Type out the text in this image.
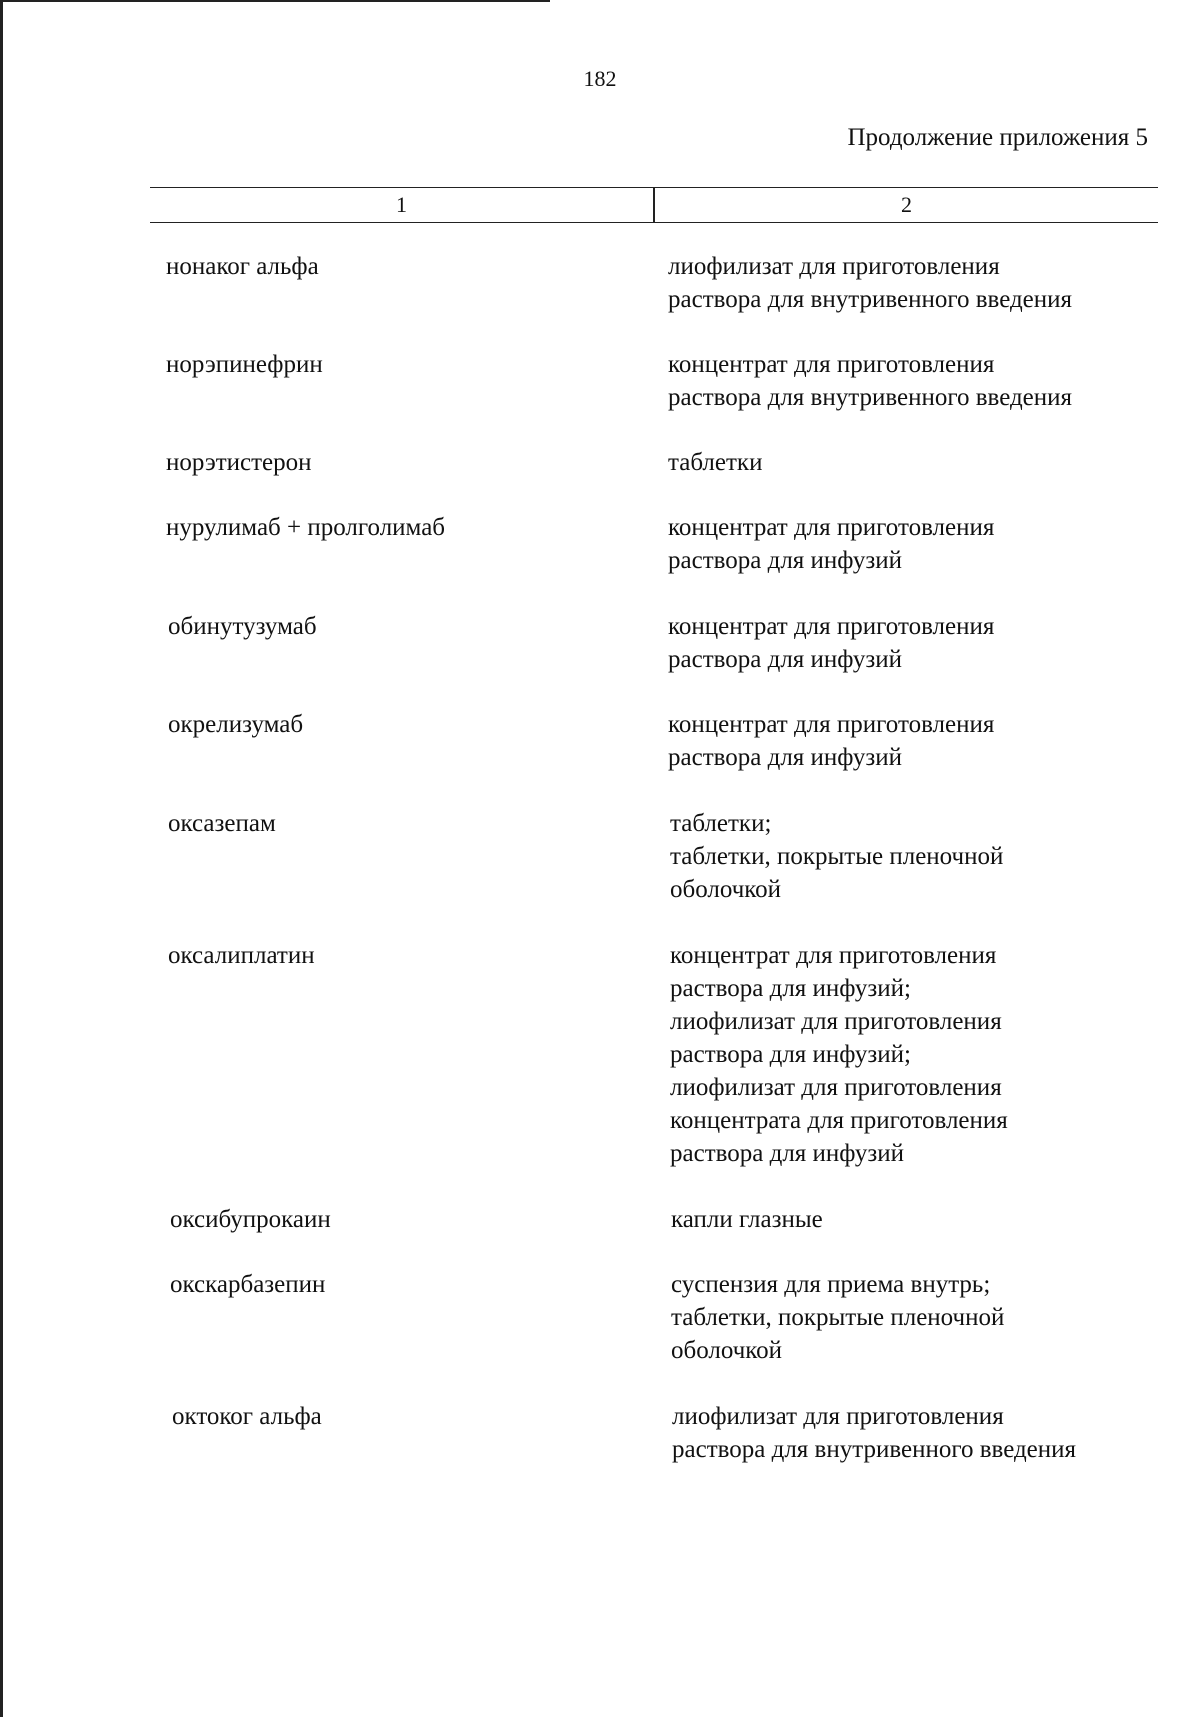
182
Продолжение приложения 5
1	2
нонаког альфа	лиофилизат для приготовления
раствора для внутривенного введения
норэпинефрин	концентрат для приготовления
раствора для внутривенного введения
норэтистерон	таблетки
нурулимаб + пролголимаб	концентрат для приготовления
раствора для инфузий
обинутузумаб	концентрат для приготовления
раствора для инфузий
окрелизумаб	концентрат для приготовления
раствора для инфузий
оксазепам	таблетки;
таблетки, покрытые пленочной
оболочкой
оксалиплатин	концентрат для приготовления
раствора для инфузий;
лиофилизат для приготовления
раствора для инфузий;
лиофилизат для приготовления
концентрата для приготовления
раствора для инфузий
оксибупрокаин	капли глазные
окскарбазепин	суспензия для приема внутрь;
таблетки, покрытые пленочной
оболочкой
октоког альфа	лиофилизат для приготовления
раствора для внутривенного введения
